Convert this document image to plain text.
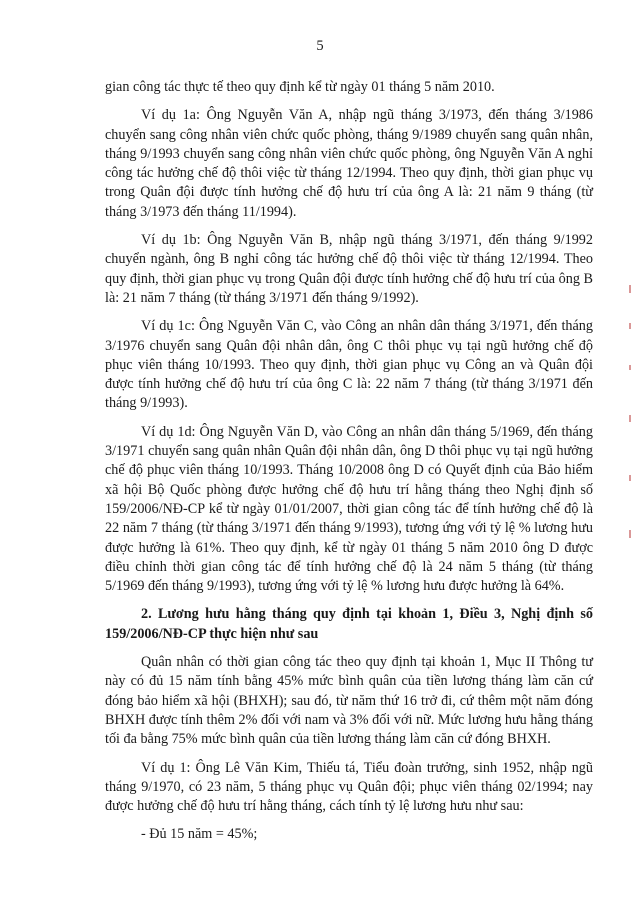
5

gian công tác thực tế theo quy định kể từ ngày 01 tháng 5 năm 2010.

Ví dụ 1a: Ông Nguyễn Văn A, nhập ngũ tháng 3/1973, đến tháng 3/1986 chuyển sang công nhân viên chức quốc phòng, tháng 9/1989 chuyển sang quân nhân, tháng 9/1993 chuyển sang công nhân viên chức quốc phòng, ông Nguyễn Văn A nghỉ công tác hưởng chế độ thôi việc từ tháng 12/1994. Theo quy định, thời gian phục vụ trong Quân đội được tính hưởng chế độ hưu trí của ông A là: 21 năm 9 tháng (từ tháng 3/1973 đến tháng 11/1994).

Ví dụ 1b: Ông Nguyễn Văn B, nhập ngũ tháng 3/1971, đến tháng 9/1992 chuyển ngành, ông B nghỉ công tác hưởng chế độ thôi việc từ tháng 12/1994. Theo quy định, thời gian phục vụ trong Quân đội được tính hưởng chế độ hưu trí của ông B là: 21 năm 7 tháng (từ tháng 3/1971 đến tháng 9/1992).

Ví dụ 1c: Ông Nguyễn Văn C, vào Công an nhân dân tháng 3/1971, đến tháng 3/1976 chuyển sang Quân đội nhân dân, ông C thôi phục vụ tại ngũ hưởng chế độ phục viên tháng 10/1993. Theo quy định, thời gian phục vụ Công an và Quân đội được tính hưởng chế độ hưu trí của ông C là: 22 năm 7 tháng (từ tháng 3/1971 đến tháng 9/1993).

Ví dụ 1d: Ông Nguyễn Văn D, vào Công an nhân dân tháng 5/1969, đến tháng 3/1971 chuyển sang quân nhân Quân đội nhân dân, ông D thôi phục vụ tại ngũ hưởng chế độ phục viên tháng 10/1993. Tháng 10/2008 ông D có Quyết định của Bảo hiểm xã hội Bộ Quốc phòng được hưởng chế độ hưu trí hằng tháng theo Nghị định số 159/2006/NĐ-CP kể từ ngày 01/01/2007, thời gian công tác để tính hưởng chế độ là 22 năm 7 tháng (từ tháng 3/1971 đến tháng 9/1993), tương ứng với tỷ lệ % lương hưu được hưởng là 61%. Theo quy định, kể từ ngày 01 tháng 5 năm 2010 ông D được điều chỉnh thời gian công tác để tính hưởng chế độ là 24 năm 5 tháng (từ tháng 5/1969 đến tháng 9/1993), tương ứng với tỷ lệ % lương hưu được hưởng là 64%.

2. Lương hưu hằng tháng quy định tại khoản 1, Điều 3, Nghị định số 159/2006/NĐ-CP thực hiện như sau

Quân nhân có thời gian công tác theo quy định tại khoản 1, Mục II Thông tư này có đủ 15 năm tính bằng 45% mức bình quân của tiền lương tháng làm căn cứ đóng bảo hiểm xã hội (BHXH); sau đó, từ năm thứ 16 trở đi, cứ thêm một năm đóng BHXH được tính thêm 2% đối với nam và 3% đối với nữ. Mức lương hưu hằng tháng tối đa bằng 75% mức bình quân của tiền lương tháng làm căn cứ đóng BHXH.

Ví dụ 1: Ông Lê Văn Kim, Thiếu tá, Tiểu đoàn trưởng, sinh 1952, nhập ngũ tháng 9/1970, có 23 năm, 5 tháng phục vụ Quân đội; phục viên tháng 02/1994; nay được hưởng chế độ hưu trí hằng tháng, cách tính tỷ lệ lương hưu như sau:

- Đủ 15 năm = 45%;
